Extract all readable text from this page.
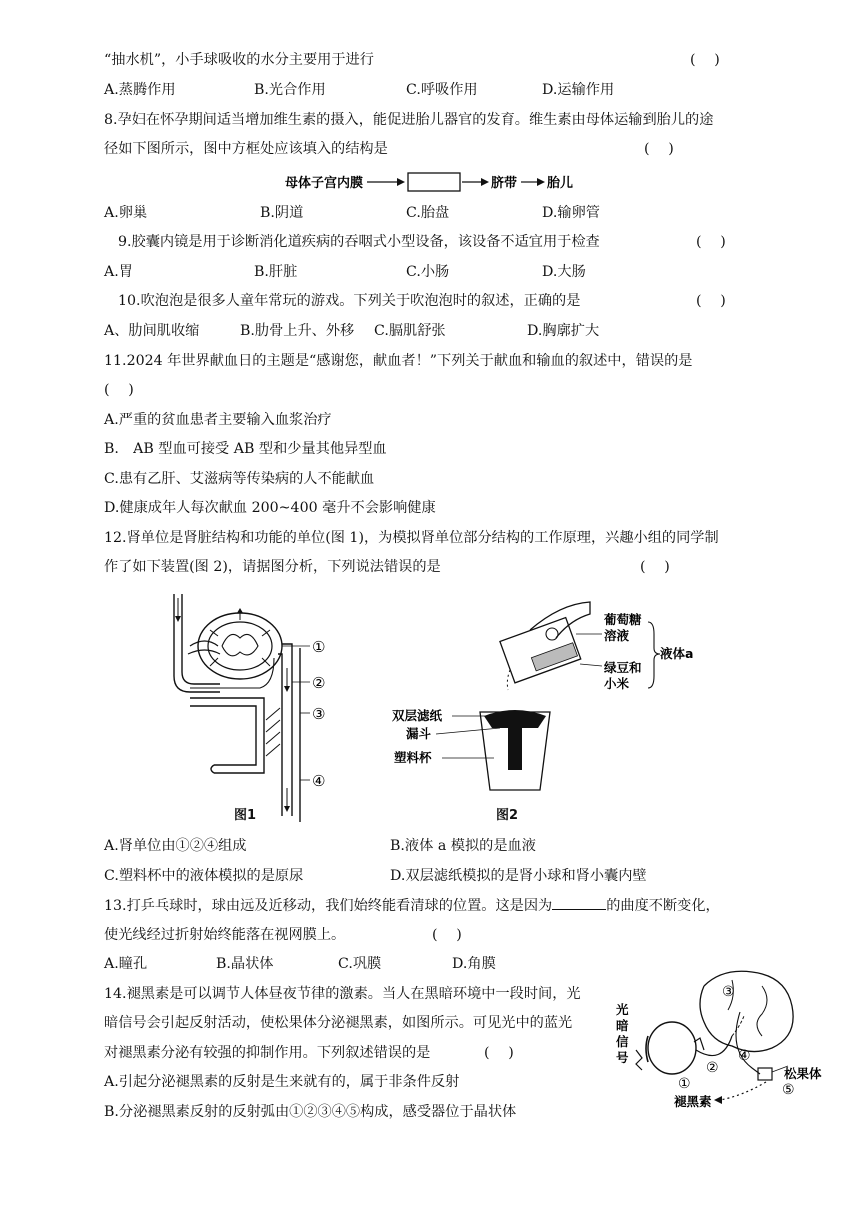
“抽水机”，小手球吸收的水分主要用于进行	(　 )
A.蒸腾作用	B.光合作用	C.呼吸作用	D.运输作用
8.孕妇在怀孕期间适当增加维生素的摄入，能促进胎儿器官的发育。维生素由母体运输到胎儿的途
径如下图所示，图中方框处应该填入的结构是	(　 )
母体子宫内膜	脐带 胎儿
A.卵巢	B.阴道	C.胎盘	D.输卵管
9.胶囊内镜是用于诊断消化道疾病的吞咽式小型设备，该设备不适宜用于检查	(　 )
A.胃	B.肝脏	C.小肠	D.大肠
10.吹泡泡是很多人童年常玩的游戏。下列关于吹泡泡时的叙述，正确的是	(　 )
A、肋间肌收缩	B.肋骨上升、外移 C.膈肌舒张	D.胸廓扩大
11.2024 年世界献血日的主题是“感谢您，献血者！”下列关于献血和输血的叙述中，错误的是
(　 )
A.严重的贫血患者主要输入血浆治疗
B.　AB 型血可接受 AB 型和少量其他异型血
C.患有乙肝、艾滋病等传染病的人不能献血
D.健康成年人每次献血 200~400 毫升不会影响健康
12.肾单位是肾脏结构和功能的单位(图 1)，为模拟肾单位部分结构的工作原理，兴趣小组的同学制
作了如下装置(图 2)，请据图分析，下列说法错误的是	(　 )
①
②
③
④
图1
葡萄糖
溶液
绿豆和
小米
液体a
双层滤纸
漏斗
塑料杯
图2
A.肾单位由①②④组成	B.液体 a 模拟的是血液
C.塑料杯中的液体模拟的是原尿	D.双层滤纸模拟的是肾小球和肾小囊内壁
13.打乒乓球时，球由远及近移动，我们始终能看清球的位置。这是因为	的曲度不断变化，
使光线经过折射始终能落在视网膜上。	(　 )
A.瞳孔	B.晶状体	C.巩膜	D.角膜
14.褪黑素是可以调节人体昼夜节律的激素。当人在黑暗环境中一段时间，光
暗信号会引起反射活动，使松果体分泌褪黑素，如图所示。可见光中的蓝光
对褪黑素分泌有较强的抑制作用。下列叙述错误的是	(　 )
光
暗
信
号
①
②
③
④
⑤
松果体
褪黑素
A.引起分泌褪黑素的反射是生来就有的，属于非条件反射
B.分泌褪黑素反射的反射弧由①②③④⑤构成，感受器位于晶状体
